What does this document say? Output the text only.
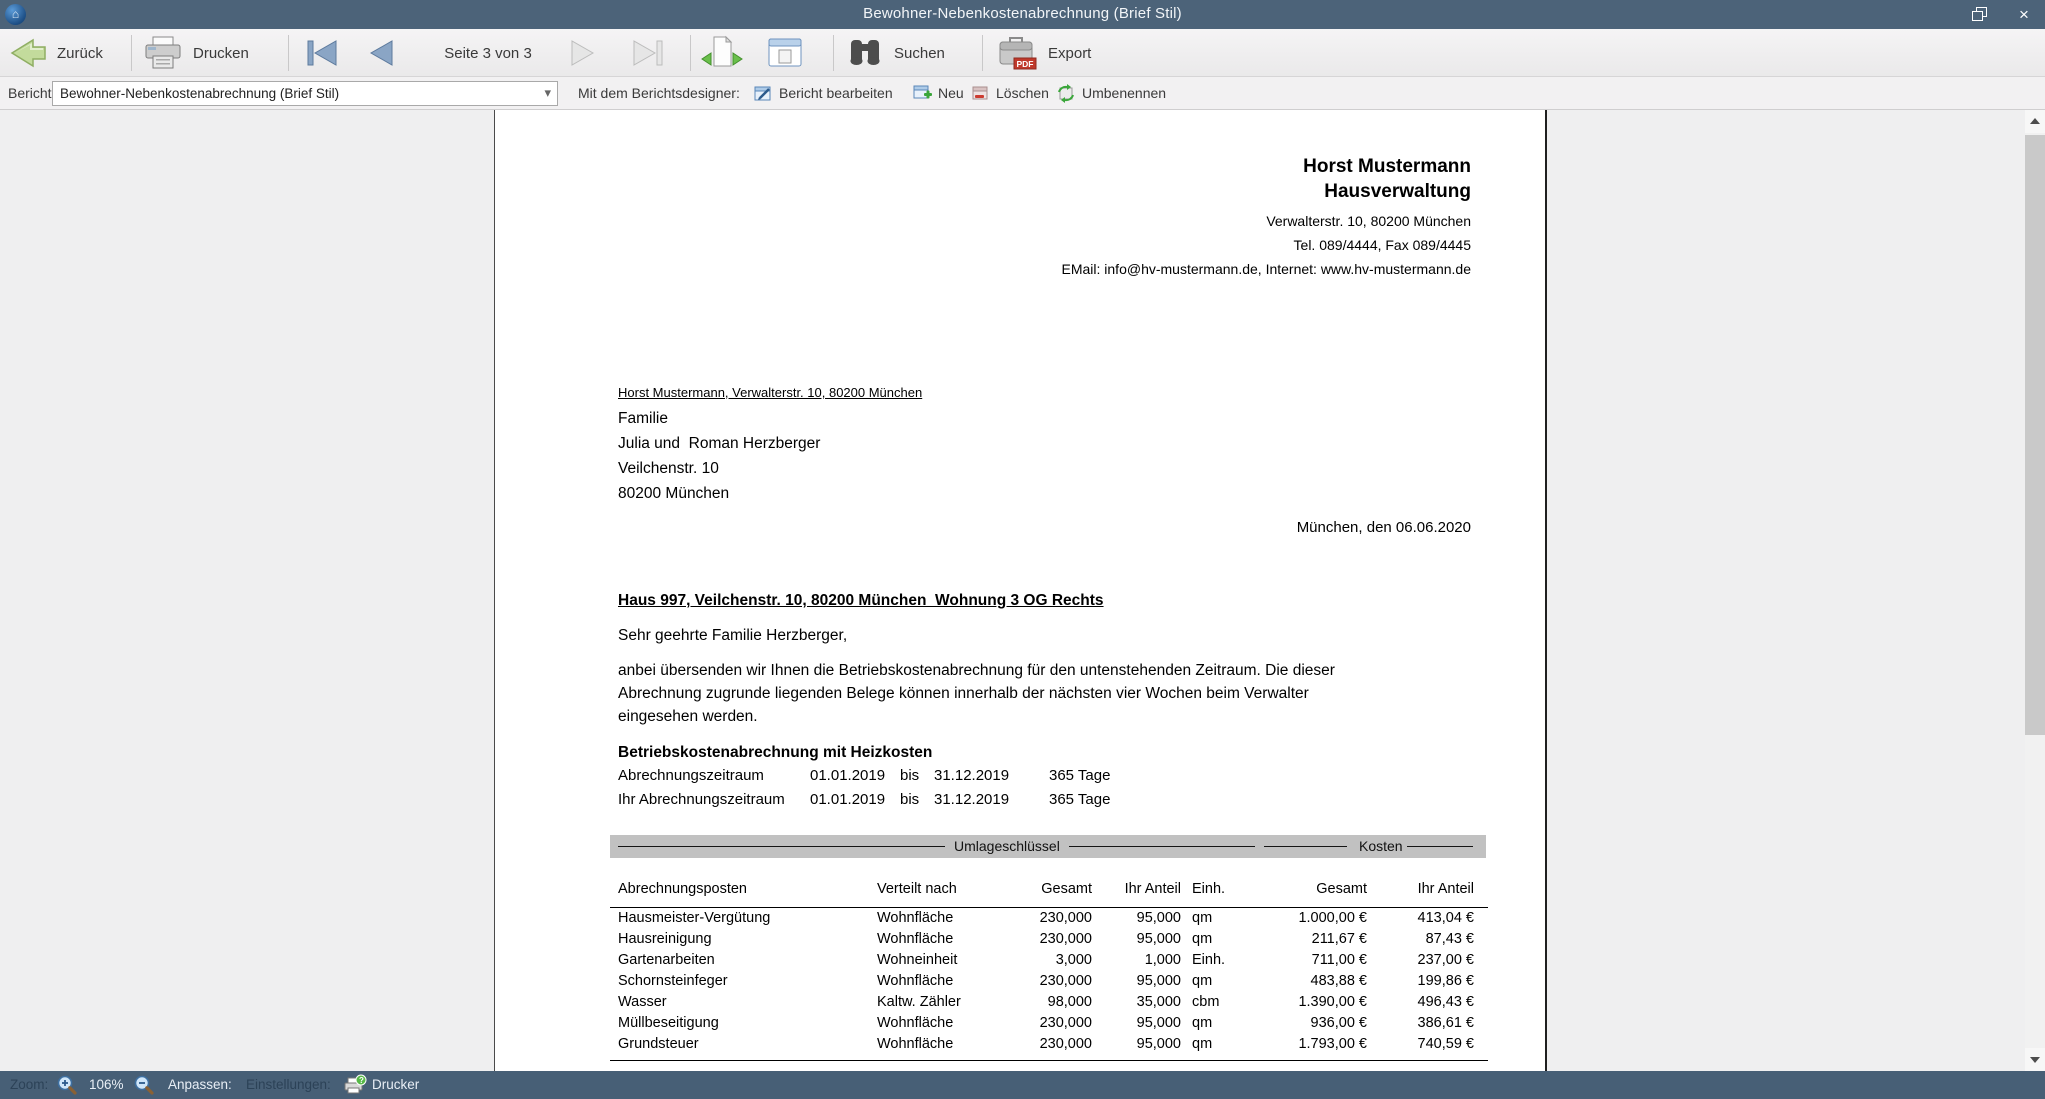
⌂	Bewohner-Nebenkostenabrechnung (Brief Stil)	×
Zurück	Drucken	Seite 3 von 3	Suchen
PDF
Export
Bericht Bewohner-Nebenkostenabrechnung (Brief Stil)	▾ Mit dem Berichtsdesigner:	Bericht bearbeiten	Neu Löschen Umbenennen
Horst Mustermann
Hausverwaltung
Verwalterstr. 10, 80200 München
Tel. 089/4444, Fax 089/4445
EMail: info@hv-mustermann.de, Internet: www.hv-mustermann.de
Horst Mustermann, Verwalterstr. 10, 80200 München
Familie
Julia und  Roman Herzberger
Veilchenstr. 10
80200 München
München, den 06.06.2020
Haus 997, Veilchenstr. 10, 80200 München  Wohnung 3 OG Rechts
Sehr geehrte Familie Herzberger,
anbei übersenden wir Ihnen die Betriebskostenabrechnung für den untenstehenden Zeitraum. Die dieser
Abrechnung zugrunde liegenden Belege können innerhalb der nächsten vier Wochen beim Verwalter
eingesehen werden.
Betriebskostenabrechnung mit Heizkosten
Abrechnungszeitraum	01.01.2019 bis 31.12.2019	365 Tage
Ihr Abrechnungszeitraum 01.01.2019 bis 31.12.2019	365 Tage
Umlageschlüssel	Kosten
Abrechnungsposten	Verteilt nach	Gesamt	Ihr Anteil Einh.	Gesamt	Ihr Anteil
Hausmeister-Vergütung	Wohnfläche	230,000	95,000 qm	1.000,00 €	413,04 €
Hausreinigung	Wohnfläche	230,000	95,000 qm	211,67 €	87,43 €
Gartenarbeiten	Wohneinheit	3,000	1,000 Einh.	711,00 €	237,00 €
Schornsteinfeger	Wohnfläche	230,000	95,000 qm	483,88 €	199,86 €
Wasser	Kaltw. Zähler	98,000	35,000 cbm	1.390,00 €	496,43 €
Müllbeseitigung	Wohnfläche	230,000	95,000 qm	936,00 €	386,61 €
Grundsteuer	Wohnfläche	230,000	95,000 qm	1.793,00 €	740,59 €
Zoom:	106%	Anpassen: Einstellungen:	? Drucker
